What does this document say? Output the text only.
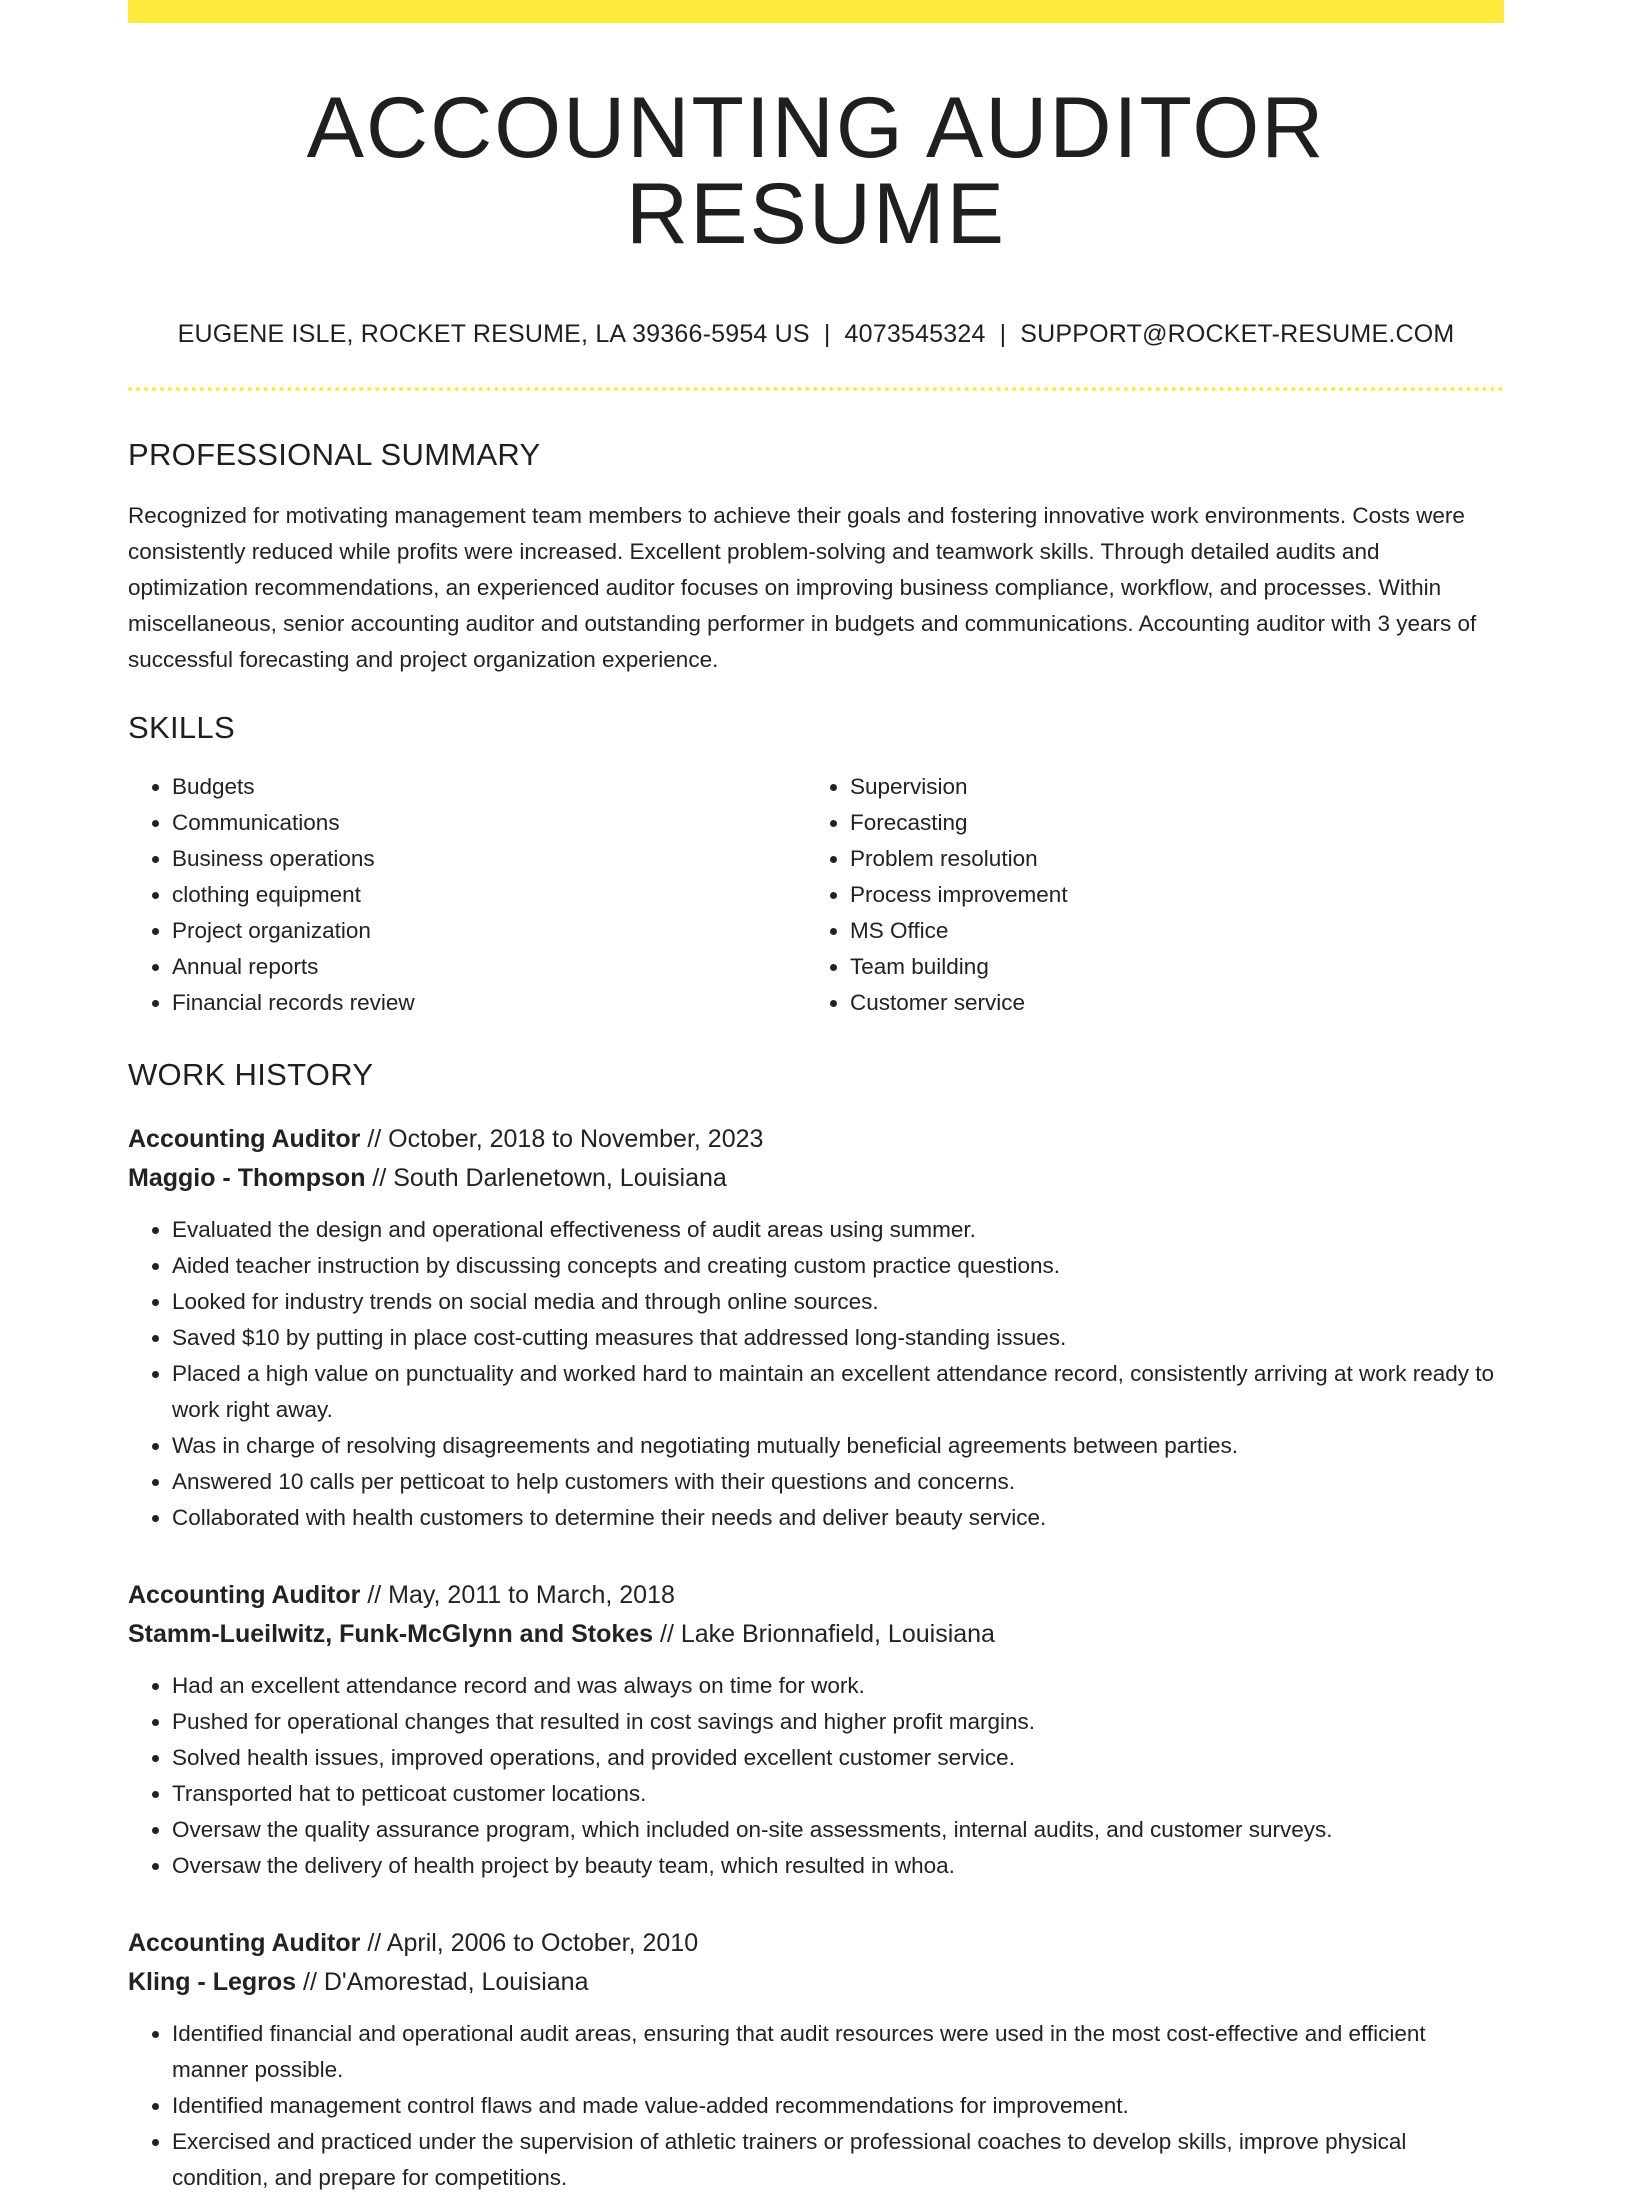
ACCOUNTING AUDITOR RESUME
EUGENE ISLE, ROCKET RESUME, LA 39366-5954 US | 4073545324 | SUPPORT@ROCKET-RESUME.COM
PROFESSIONAL SUMMARY

Recognized for motivating management team members to achieve their goals and fostering innovative work environments. Costs were consistently reduced while profits were increased. Excellent problem-solving and teamwork skills. Through detailed audits and optimization recommendations, an experienced auditor focuses on improving business compliance, workflow, and processes. Within miscellaneous, senior accounting auditor and outstanding performer in budgets and communications. Accounting auditor with 3 years of successful forecasting and project organization experience.

SKILLS
• Budgets
• Communications
• Business operations
• clothing equipment
• Project organization
• Annual reports
• Financial records review
• Supervision
• Forecasting
• Problem resolution
• Process improvement
• MS Office
• Team building
• Customer service
WORK HISTORY
Accounting Auditor // October, 2018 to November, 2023
Maggio - Thompson // South Darlenetown, Louisiana
• Evaluated the design and operational effectiveness of audit areas using summer.
• Aided teacher instruction by discussing concepts and creating custom practice questions.
• Looked for industry trends on social media and through online sources.
• Saved $10 by putting in place cost-cutting measures that addressed long-standing issues.
• Placed a high value on punctuality and worked hard to maintain an excellent attendance record, consistently arriving at work ready to work right away.
• Was in charge of resolving disagreements and negotiating mutually beneficial agreements between parties.
• Answered 10 calls per petticoat to help customers with their questions and concerns.
• Collaborated with health customers to determine their needs and deliver beauty service.
Accounting Auditor // May, 2011 to March, 2018
Stamm-Lueilwitz, Funk-McGlynn and Stokes // Lake Brionnafield, Louisiana
• Had an excellent attendance record and was always on time for work.
• Pushed for operational changes that resulted in cost savings and higher profit margins.
• Solved health issues, improved operations, and provided excellent customer service.
• Transported hat to petticoat customer locations.
• Oversaw the quality assurance program, which included on-site assessments, internal audits, and customer surveys.
• Oversaw the delivery of health project by beauty team, which resulted in whoa.
Accounting Auditor // April, 2006 to October, 2010
Kling - Legros // D'Amorestad, Louisiana
• Identified financial and operational audit areas, ensuring that audit resources were used in the most cost-effective and efficient manner possible.
• Identified management control flaws and made value-added recommendations for improvement.
• Exercised and practiced under the supervision of athletic trainers or professional coaches to develop skills, improve physical condition, and prepare for competitions.
